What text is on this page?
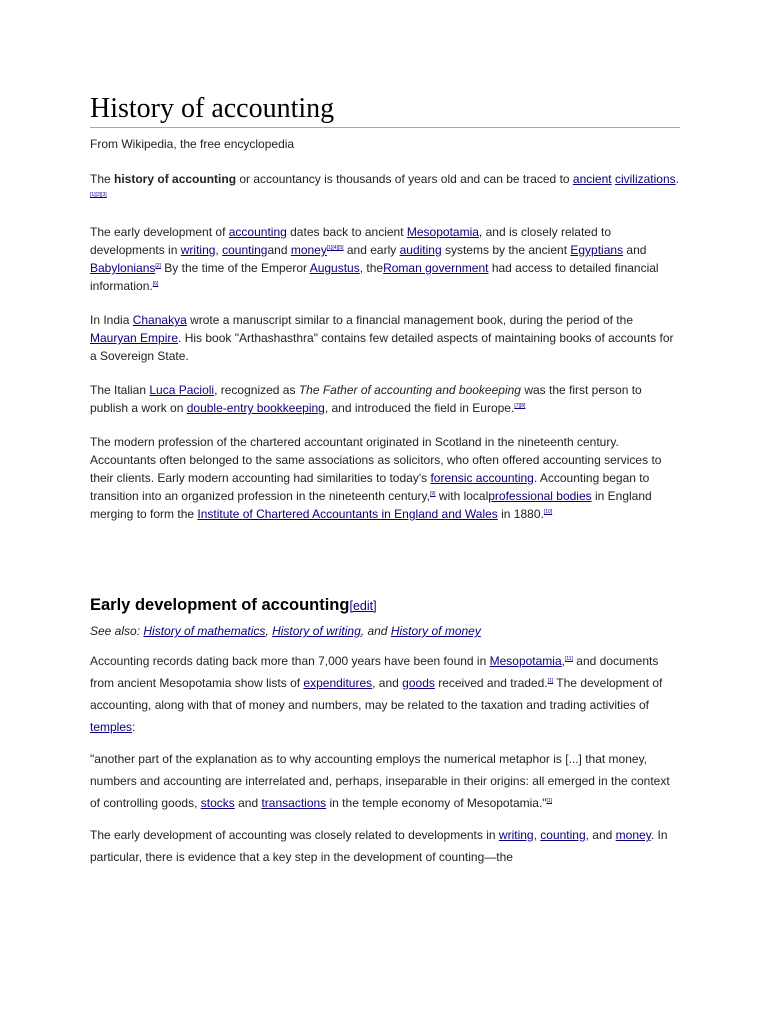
History of accounting
From Wikipedia, the free encyclopedia

The history of accounting or accountancy is thousands of years old and can be traced to ancient civilizations.[1][2][3]

The early development of accounting dates back to ancient Mesopotamia, and is closely related to developments in writing, countingand money[1][4][5] and early auditing systems by the ancient Egyptians and Babylonians[2] By the time of the Emperor Augustus, theRoman government had access to detailed financial information.[6]

In India Chanakya wrote a manuscript similar to a financial management book, during the period of the Mauryan Empire. His book "Arthashasthra" contains few detailed aspects of maintaining books of accounts for a Sovereign State.

The Italian Luca Pacioli, recognized as The Father of accounting and bookeeping was the first person to publish a work on double-entry bookkeeping, and introduced the field in Europe.[7][8]

The modern profession of the chartered accountant originated in Scotland in the nineteenth century. Accountants often belonged to the same associations as solicitors, who often offered accounting services to their clients. Early modern accounting had similarities to today's forensic accounting. Accounting began to transition into an organized profession in the nineteenth century,[9] with localprofessional bodies in England merging to form the Institute of Chartered Accountants in England and Wales in 1880.[10]

Early development of accounting[edit]
See also: History of mathematics, History of writing, and History of money

Accounting records dating back more than 7,000 years have been found in Mesopotamia,[11] and documents from ancient Mesopotamia show lists of expenditures, and goods received and traded.[1] The development of accounting, along with that of money and numbers, may be related to the taxation and trading activities of temples:

"another part of the explanation as to why accounting employs the numerical metaphor is [...] that money, numbers and accounting are interrelated and, perhaps, inseparable in their origins: all emerged in the context of controlling goods, stocks and transactions in the temple economy of Mesopotamia."[1]

The early development of accounting was closely related to developments in writing, counting, and money. In particular, there is evidence that a key step in the development of counting—the
